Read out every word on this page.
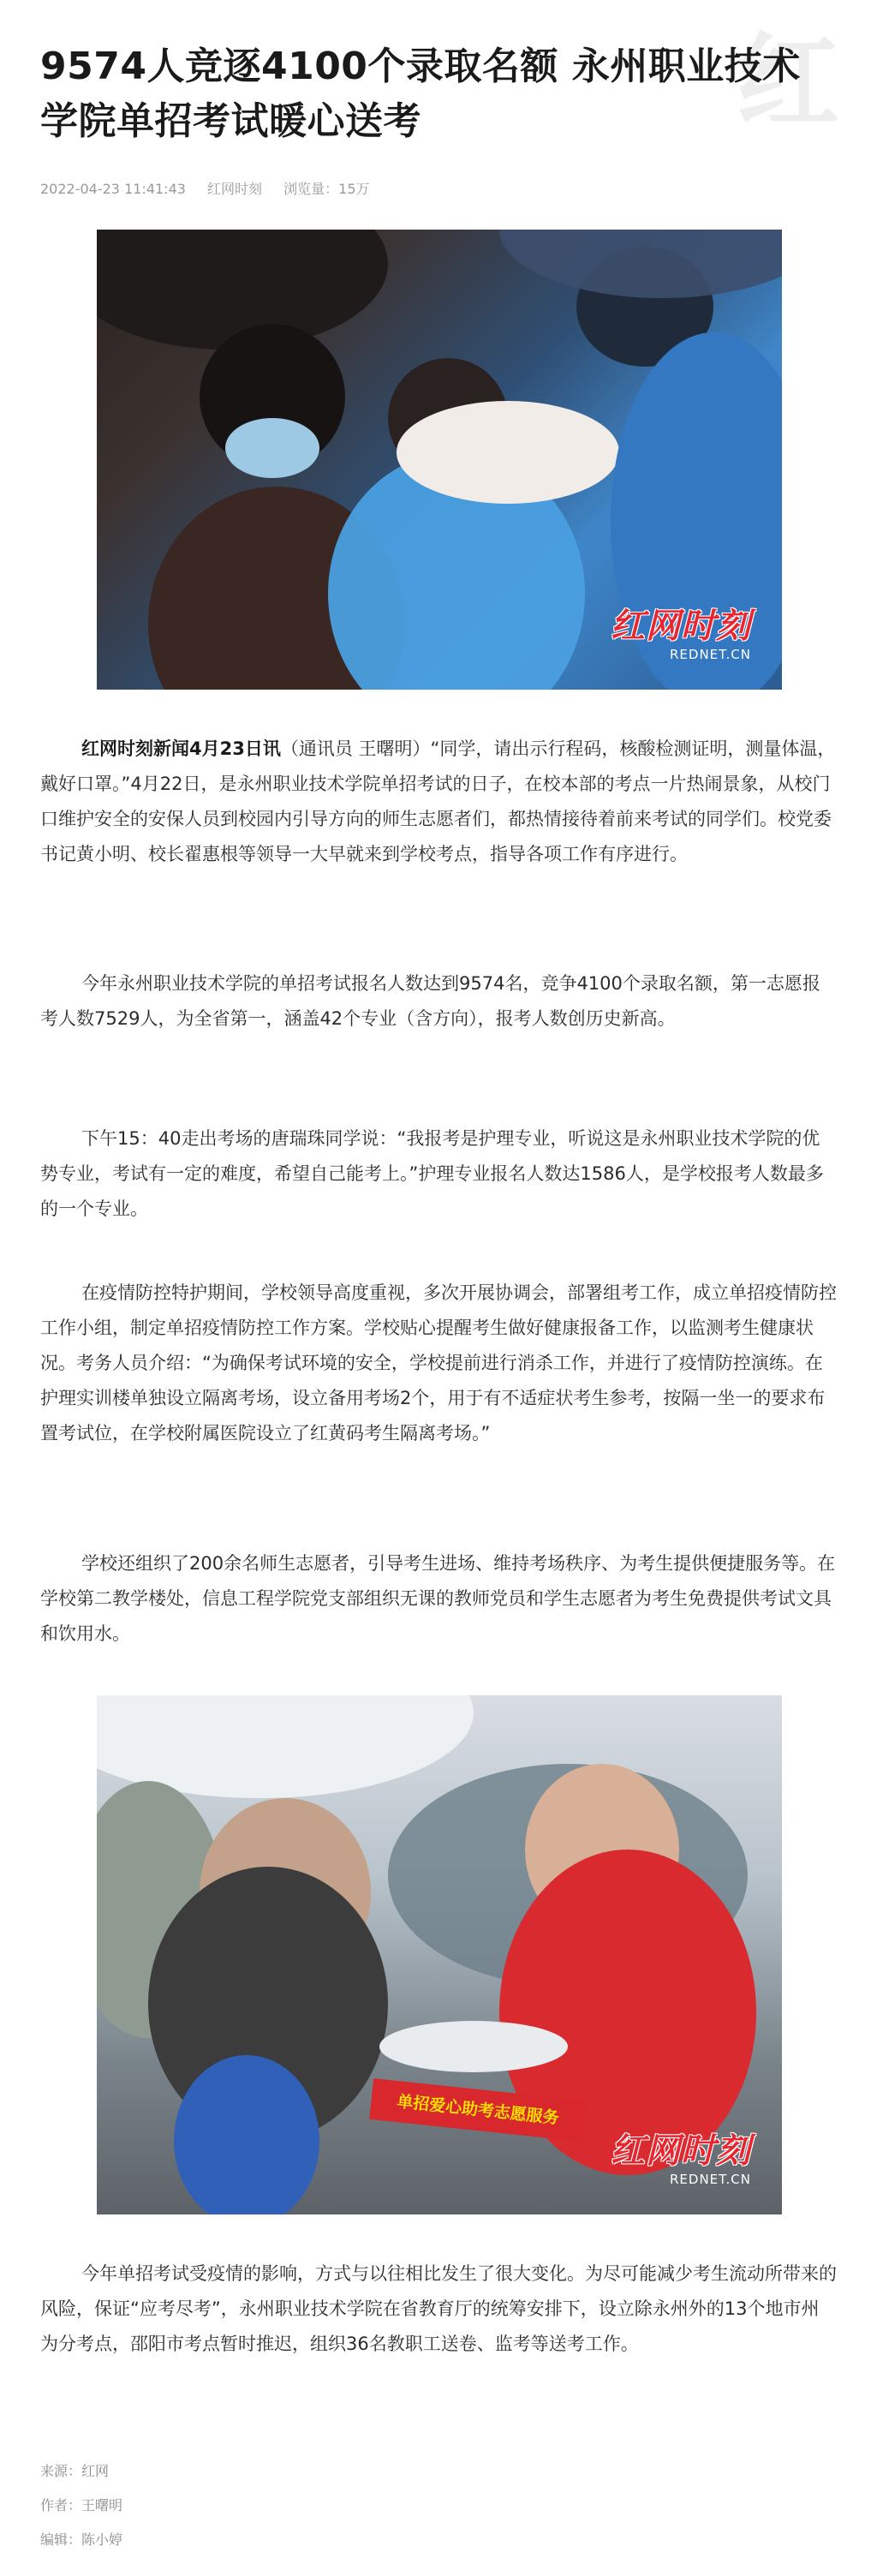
红
9574人竞逐4100个录取名额 永州职业技术学院单招考试暖心送考
2022-04-23 11:41:43 红网时刻 浏览量：15万
红网时刻
REDNET.CN

红网时刻新闻4月23日讯（通讯员 王曙明）“同学，请出示行程码，核酸检测证明，测量体温，戴好口罩。”4月22日，是永州职业技术学院单招考试的日子，在校本部的考点一片热闹景象，从校门口维护安全的安保人员到校园内引导方向的师生志愿者们，都热情接待着前来考试的同学们。校党委书记黄小明、校长翟惠根等领导一大早就来到学校考点，指导各项工作有序进行。

今年永州职业技术学院的单招考试报名人数达到9574名，竞争4100个录取名额，第一志愿报考人数7529人，为全省第一，涵盖42个专业（含方向），报考人数创历史新高。

下午15：40走出考场的唐瑞珠同学说：“我报考是护理专业，听说这是永州职业技术学院的优势专业，考试有一定的难度，希望自己能考上。”护理专业报名人数达1586人，是学校报考人数最多的一个专业。

在疫情防控特护期间，学校领导高度重视，多次开展协调会，部署组考工作，成立单招疫情防控工作小组，制定单招疫情防控工作方案。学校贴心提醒考生做好健康报备工作，以监测考生健康状况。考务人员介绍：“为确保考试环境的安全，学校提前进行消杀工作，并进行了疫情防控演练。在护理实训楼单独设立隔离考场，设立备用考场2个，用于有不适症状考生参考，按隔一坐一的要求布置考试位，在学校附属医院设立了红黄码考生隔离考场。”

学校还组织了200余名师生志愿者，引导考生进场、维持考场秩序、为考生提供便捷服务等。在学校第二教学楼处，信息工程学院党支部组织无课的教师党员和学生志愿者为考生免费提供考试文具和饮用水。

单招爱心助考志愿服务
红网时刻
REDNET.CN

今年单招考试受疫情的影响，方式与以往相比发生了很大变化。为尽可能减少考生流动所带来的风险，保证“应考尽考”，永州职业技术学院在省教育厅的统筹安排下，设立除永州外的13个地市州为分考点，邵阳市考点暂时推迟，组织36名教职工送卷、监考等送考工作。

来源：红网
作者：王曙明
编辑：陈小婷
